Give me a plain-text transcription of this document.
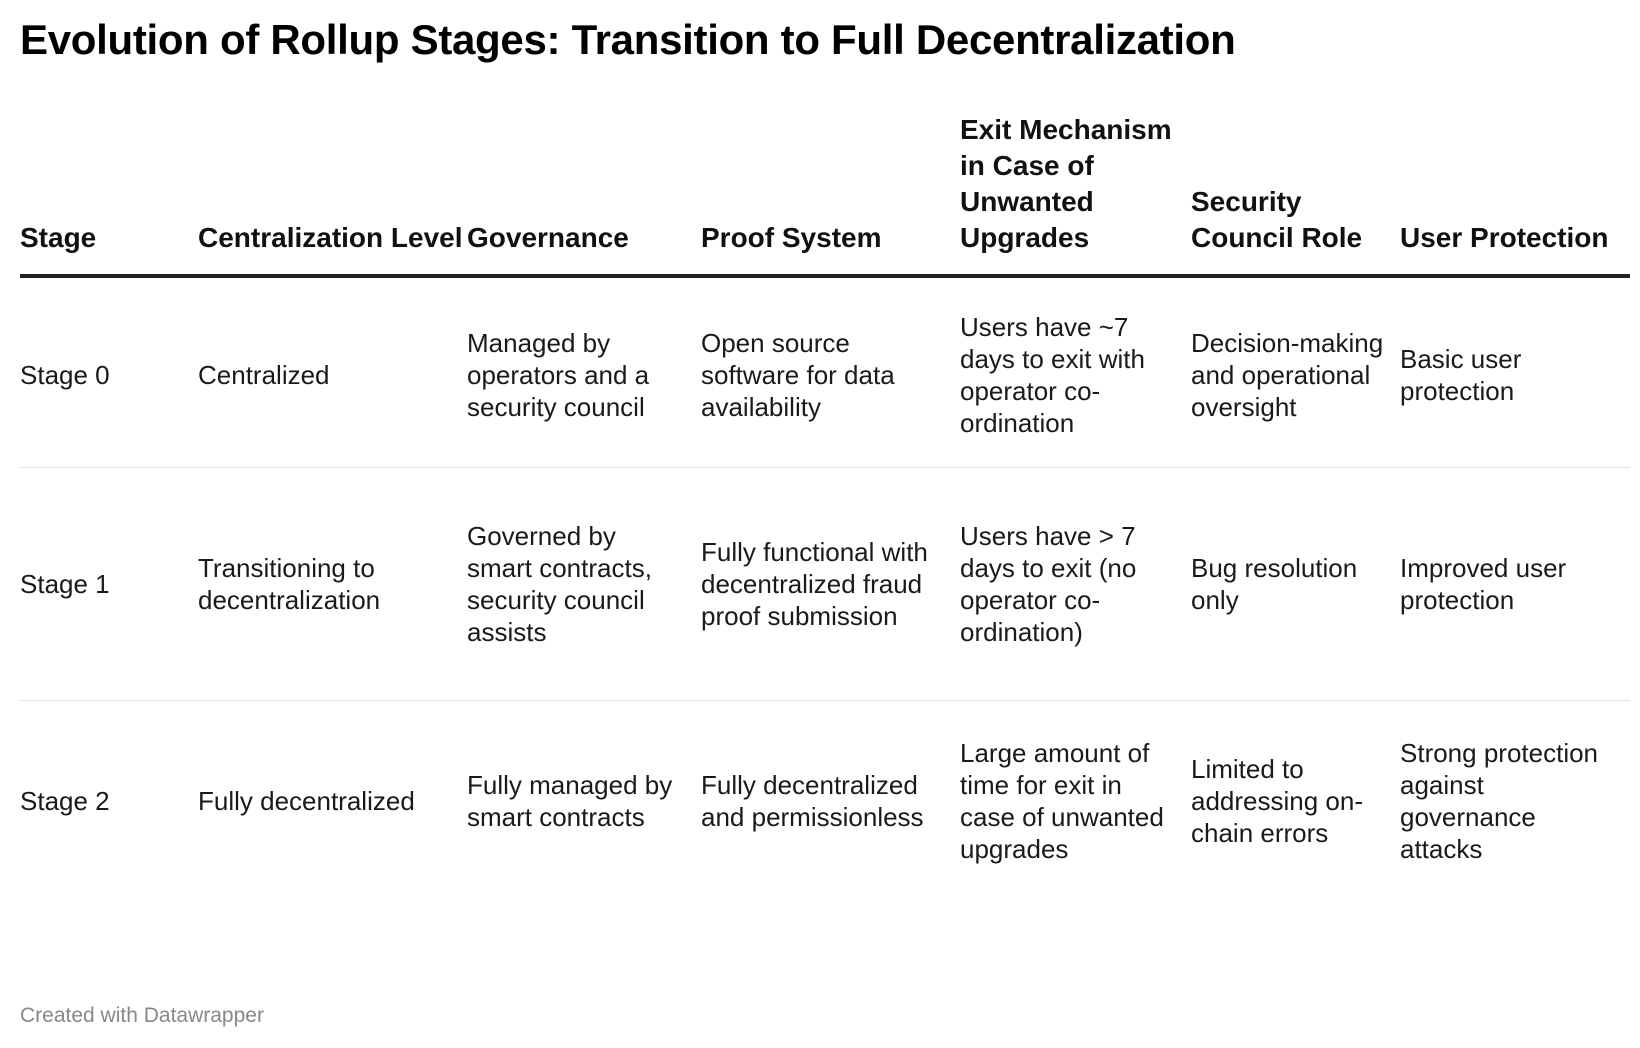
Evolution of Rollup Stages: Transition to Full Decentralization
Stage	Centralization Level	Governance	Proof System	Exit Mechanism in Case of Unwanted Upgrades	Security Council Role	User Protection
Stage 0	Centralized	Managed by operators and a security council	Open source software for data availability	Users have ~7 days to exit with operator co-ordination	Decision-making and operational oversight	Basic user protection
Stage 1	Transitioning to decentralization	Governed by smart contracts, security council assists	Fully functional with decentralized fraud proof submission	Users have > 7 days to exit (no operator co-ordination)	Bug resolution only	Improved user protection
Stage 2	Fully decentralized	Fully managed by smart contracts	Fully decentralized and permissionless	Large amount of time for exit in case of unwanted upgrades	Limited to addressing on-chain errors	Strong protection against governance attacks
Created with Datawrapper
